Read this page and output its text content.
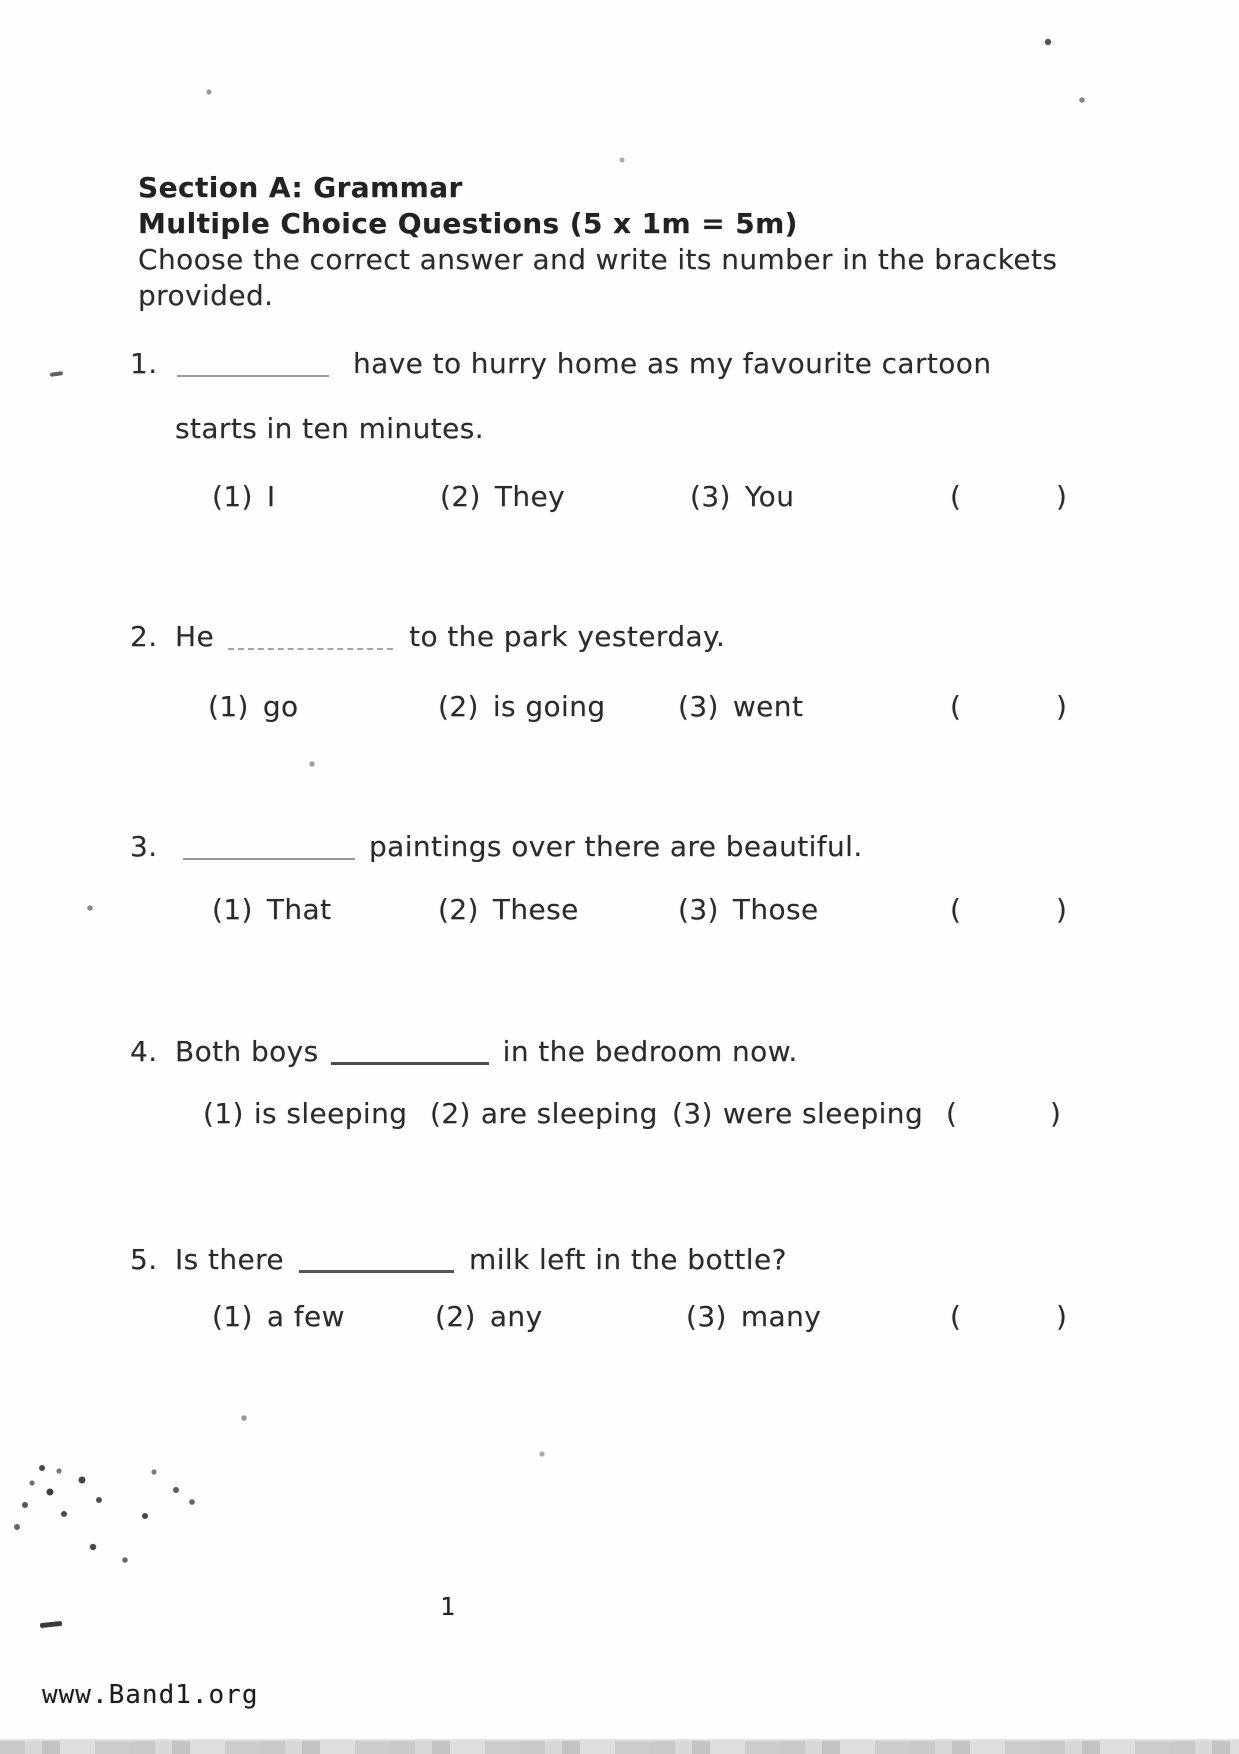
Section A: Grammar
Multiple Choice Questions (5 x 1m = 5m)
Choose the correct answer and write its number in the brackets
provided.
1.	have to hurry home as my favourite cartoon
starts in ten minutes.
(1) I	(2) They	(3) You	(	)
2. He	to the park yesterday.
(1) go	(2) is going	(3) went	(	)
3.	paintings over there are beautiful.
(1) That	(2) These	(3) Those	(	)
4. Both boys	in the bedroom now.
(1) is sleeping (2) are sleeping (3) were sleeping (	)
5. Is there	milk left in the bottle?
(1) a few	(2) any	(3) many	(	)
1
www.Band1.org
